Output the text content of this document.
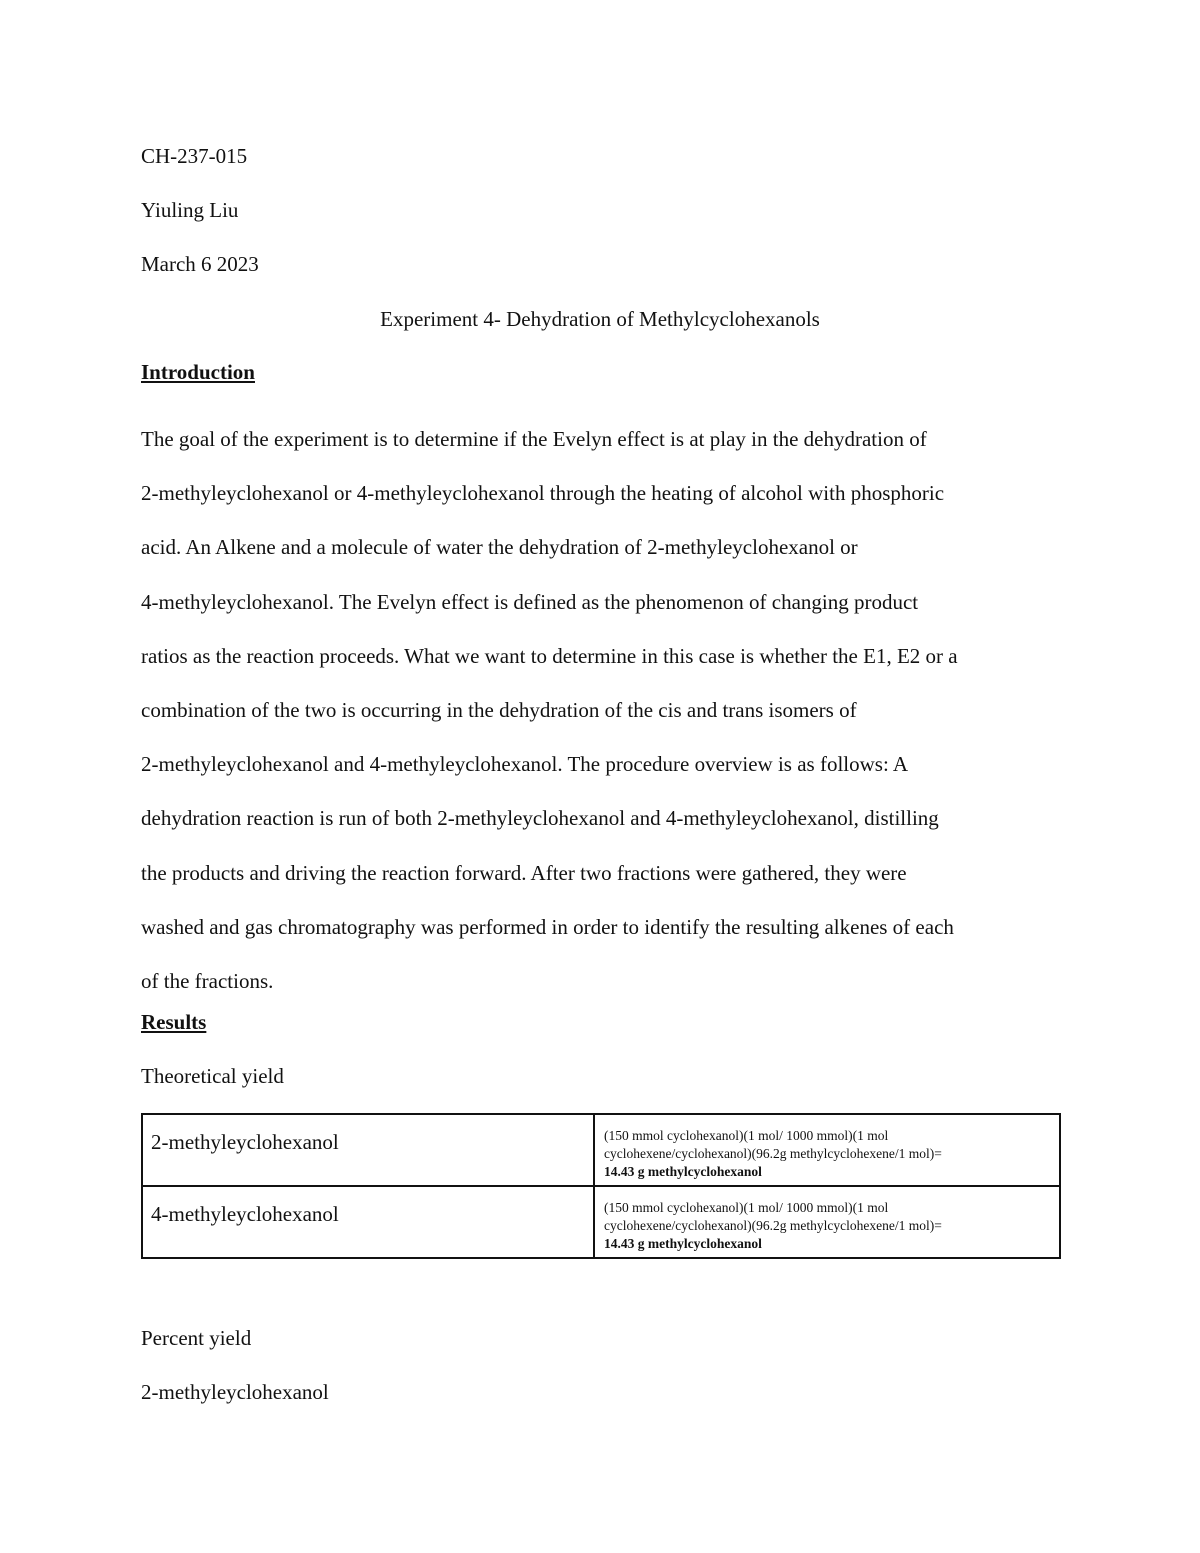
CH-237-015
Yiuling Liu
March 6 2023
Experiment 4- Dehydration of Methylcyclohexanols
Introduction
The goal of the experiment is to determine if the Evelyn effect is at play in the dehydration of
2-methyleyclohexanol or 4-methyleyclohexanol through the heating of alcohol with phosphoric
acid. An Alkene and a molecule of water the dehydration of 2-methyleyclohexanol or
4-methyleyclohexanol. The Evelyn effect is defined as the phenomenon of changing product
ratios as the reaction proceeds. What we want to determine in this case is whether the E1, E2 or a
combination of the two is occurring in the dehydration of the cis and trans isomers of
2-methyleyclohexanol and 4-methyleyclohexanol. The procedure overview is as follows: A
dehydration reaction is run of both 2-methyleyclohexanol and 4-methyleyclohexanol, distilling
the products and driving the reaction forward. After two fractions were gathered, they were
washed and gas chromatography was performed in order to identify the resulting alkenes of each
of the fractions.
Results
Theoretical yield
2-methyleyclohexanol	(150 mmol cyclohexanol)(1 mol/ 1000 mmol)(1 mol
cyclohexene/cyclohexanol)(96.2g methylcyclohexene/1 mol)=
14.43 g methylcyclohexanol

4-methyleyclohexanol	(150 mmol cyclohexanol)(1 mol/ 1000 mmol)(1 mol
cyclohexene/cyclohexanol)(96.2g methylcyclohexene/1 mol)=
14.43 g methylcyclohexanol
Percent yield
2-methyleyclohexanol
